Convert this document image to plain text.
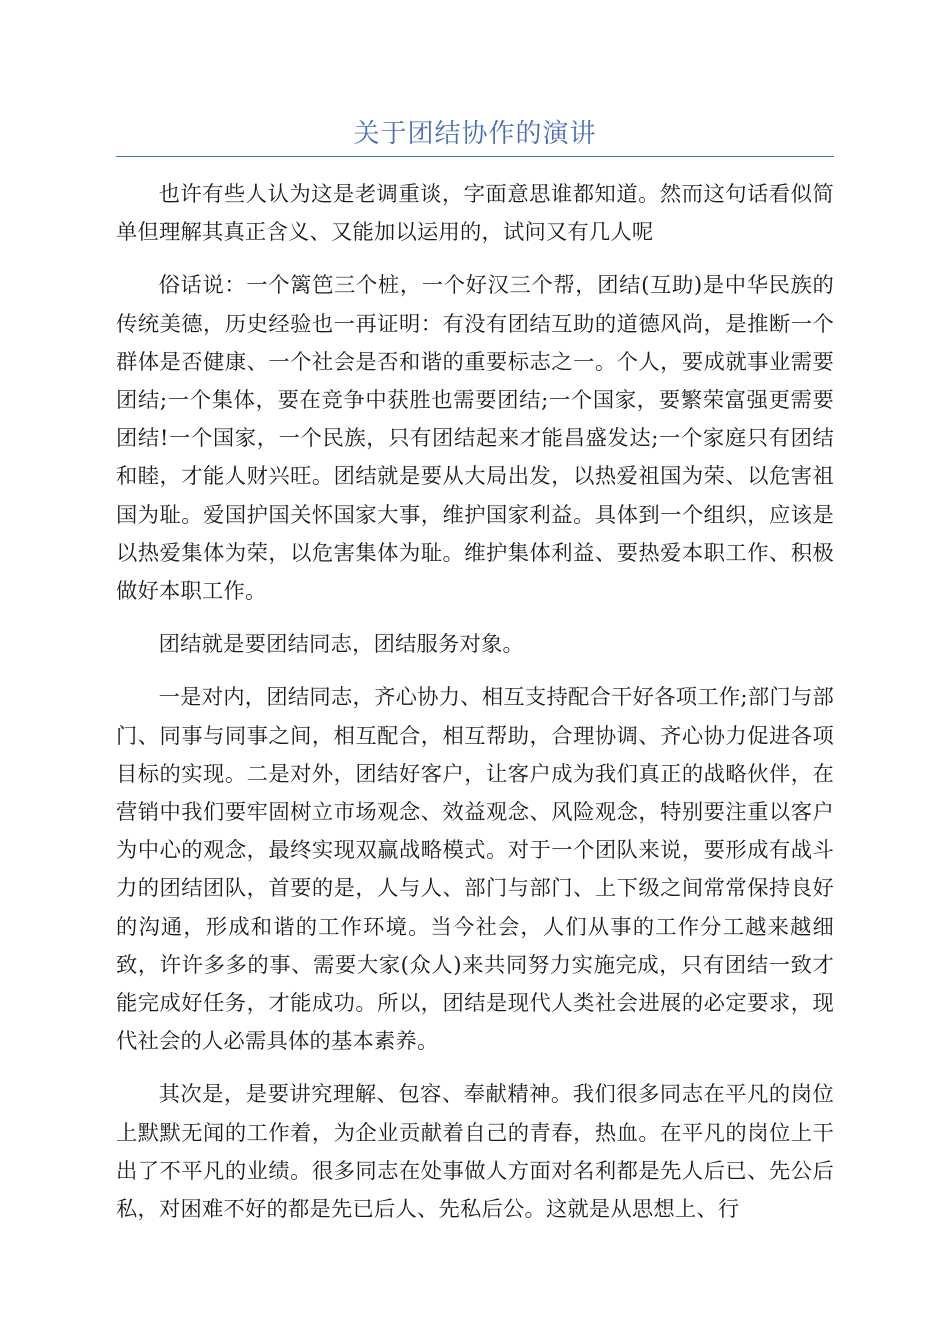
关于团结协作的演讲

也许有些人认为这是老调重谈，字面意思谁都知道。然而这句话看似简单但理解其真正含义、又能加以运用的，试问又有几人呢

俗话说：一个篱笆三个桩，一个好汉三个帮，团结(互助)是中华民族的传统美德，历史经验也一再证明：有没有团结互助的道德风尚，是推断一个群体是否健康、一个社会是否和谐的重要标志之一。个人，要成就事业需要团结;一个集体，要在竞争中获胜也需要团结;一个国家，要繁荣富强更需要团结!一个国家，一个民族，只有团结起来才能昌盛发达;一个家庭只有团结和睦，才能人财兴旺。团结就是要从大局出发，以热爱祖国为荣、以危害祖国为耻。爱国护国关怀国家大事，维护国家利益。具体到一个组织，应该是以热爱集体为荣，以危害集体为耻。维护集体利益、要热爱本职工作、积极做好本职工作。

团结就是要团结同志，团结服务对象。

一是对内，团结同志，齐心协力、相互支持配合干好各项工作;部门与部门、同事与同事之间，相互配合，相互帮助，合理协调、齐心协力促进各项目标的实现。二是对外，团结好客户，让客户成为我们真正的战略伙伴，在营销中我们要牢固树立市场观念、效益观念、风险观念，特别要注重以客户为中心的观念，最终实现双赢战略模式。对于一个团队来说，要形成有战斗力的团结团队，首要的是，人与人、部门与部门、上下级之间常常保持良好的沟通，形成和谐的工作环境。当今社会，人们从事的工作分工越来越细致，许许多多的事、需要大家(众人)来共同努力实施完成，只有团结一致才能完成好任务，才能成功。所以，团结是现代人类社会进展的必定要求，现代社会的人必需具体的基本素养。

其次是，是要讲究理解、包容、奉献精神。我们很多同志在平凡的岗位上默默无闻的工作着，为企业贡献着自己的青春，热血。在平凡的岗位上干出了不平凡的业绩。很多同志在处事做人方面对名利都是先人后已、先公后私，对困难不好的都是先已后人、先私后公。这就是从思想上、行
